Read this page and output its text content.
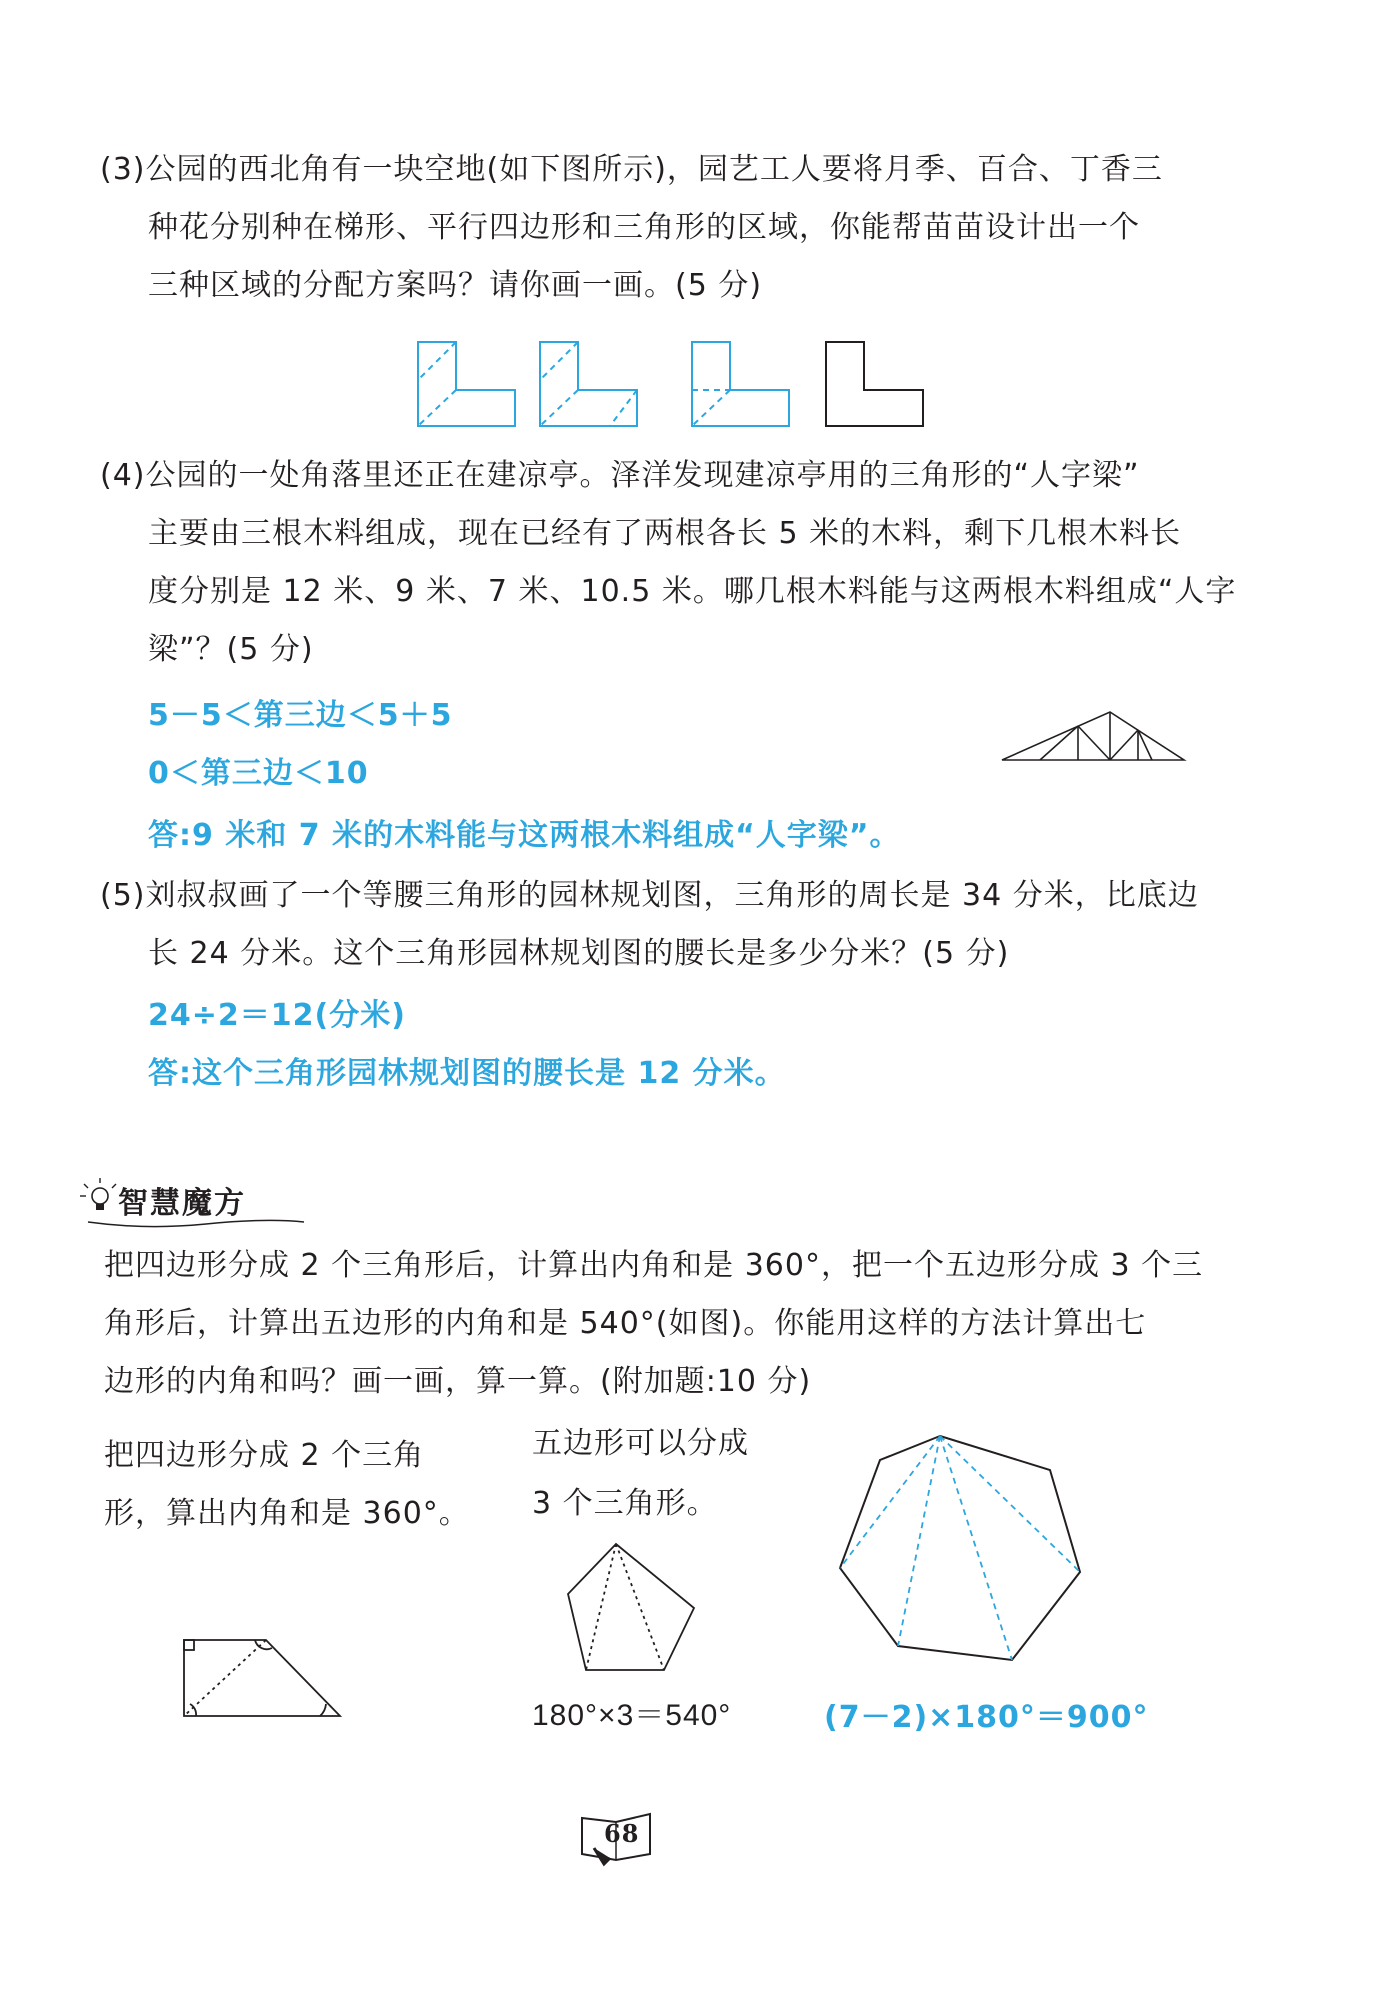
(3)公园的西北角有一块空地(如下图所示)，园艺工人要将月季、百合、丁香三
种花分别种在梯形、平行四边形和三角形的区域，你能帮苗苗设计出一个
三种区域的分配方案吗？请你画一画。(5 分)
(4)公园的一处角落里还正在建凉亭。泽洋发现建凉亭用的三角形的“人字梁”
主要由三根木料组成，现在已经有了两根各长 5 米的木料，剩下几根木料长
度分别是 12 米、9 米、7 米、10.5 米。哪几根木料能与这两根木料组成“人字
梁”？(5 分)
5－5＜第三边＜5＋5
0＜第三边＜10
答:9 米和 7 米的木料能与这两根木料组成“人字梁”。
(5)刘叔叔画了一个等腰三角形的园林规划图，三角形的周长是 34 分米，比底边
长 24 分米。这个三角形园林规划图的腰长是多少分米？(5 分)
24÷2＝12(分米)
答:这个三角形园林规划图的腰长是 12 分米。
智慧魔方
把四边形分成 2 个三角形后，计算出内角和是 360°，把一个五边形分成 3 个三
角形后，计算出五边形的内角和是 540°(如图)。你能用这样的方法计算出七
边形的内角和吗？画一画，算一算。(附加题:10 分)
把四边形分成 2 个三角
形，算出内角和是 360°。
五边形可以分成
3 个三角形。
180°×3＝540°	(7－2)×180°＝900°
68
